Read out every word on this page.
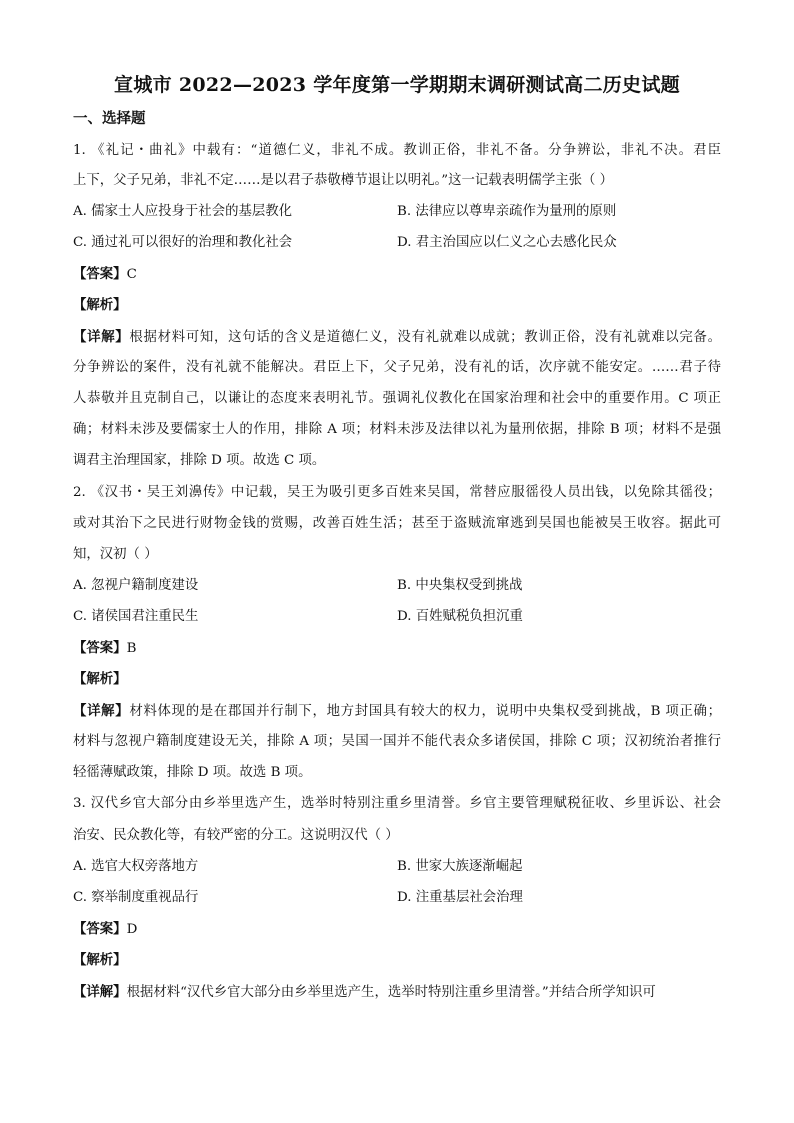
宣城市 2022—2023 学年度第一学期期末调研测试高二历史试题
一、选择题
1. 《礼记・曲礼》中载有：“道德仁义，非礼不成。教训正俗，非礼不备。分争辨讼，非礼不决。君臣
上下，父子兄弟，非礼不定……是以君子恭敬樽节退让以明礼。”这一记载表明儒学主张（ ）
A. 儒家士人应投身于社会的基层教化	B. 法律应以尊卑亲疏作为量刑的原则
C. 通过礼可以很好的治理和教化社会	D. 君主治国应以仁义之心去感化民众
【答案】C
【解析】
【详解】根据材料可知，这句话的含义是道德仁义，没有礼就难以成就；教训正俗，没有礼就难以完备。
分争辨讼的案件，没有礼就不能解决。君臣上下，父子兄弟，没有礼的话，次序就不能安定。……君子待
人恭敬并且克制自己，以谦让的态度来表明礼节。强调礼仪教化在国家治理和社会中的重要作用。C 项正
确；材料未涉及要儒家士人的作用，排除 A 项；材料未涉及法律以礼为量刑依据，排除 B 项；材料不是强
调君主治理国家，排除 D 项。故选 C 项。
2. 《汉书・吴王刘濞传》中记载，吴王为吸引更多百姓来吴国，常替应服徭役人员出钱，以免除其徭役；
或对其治下之民进行财物金钱的赏赐，改善百姓生活；甚至于盗贼流窜逃到吴国也能被吴王收容。据此可
知，汉初（ ）
A. 忽视户籍制度建设	B. 中央集权受到挑战
C. 诸侯国君注重民生	D. 百姓赋税负担沉重
【答案】B
【解析】
【详解】材料体现的是在郡国并行制下，地方封国具有较大的权力，说明中央集权受到挑战，B 项正确；
材料与忽视户籍制度建设无关，排除 A 项；吴国一国并不能代表众多诸侯国，排除 C 项；汉初统治者推行
轻徭薄赋政策，排除 D 项。故选 B 项。
3. 汉代乡官大部分由乡举里选产生，选举时特别注重乡里清誉。乡官主要管理赋税征收、乡里诉讼、社会
治安、民众教化等，有较严密的分工。这说明汉代（ ）
A. 选官大权旁落地方	B. 世家大族逐渐崛起
C. 察举制度重视品行	D. 注重基层社会治理
【答案】D
【解析】
【详解】根据材料“汉代乡官大部分由乡举里选产生，选举时特别注重乡里清誉。”并结合所学知识可
